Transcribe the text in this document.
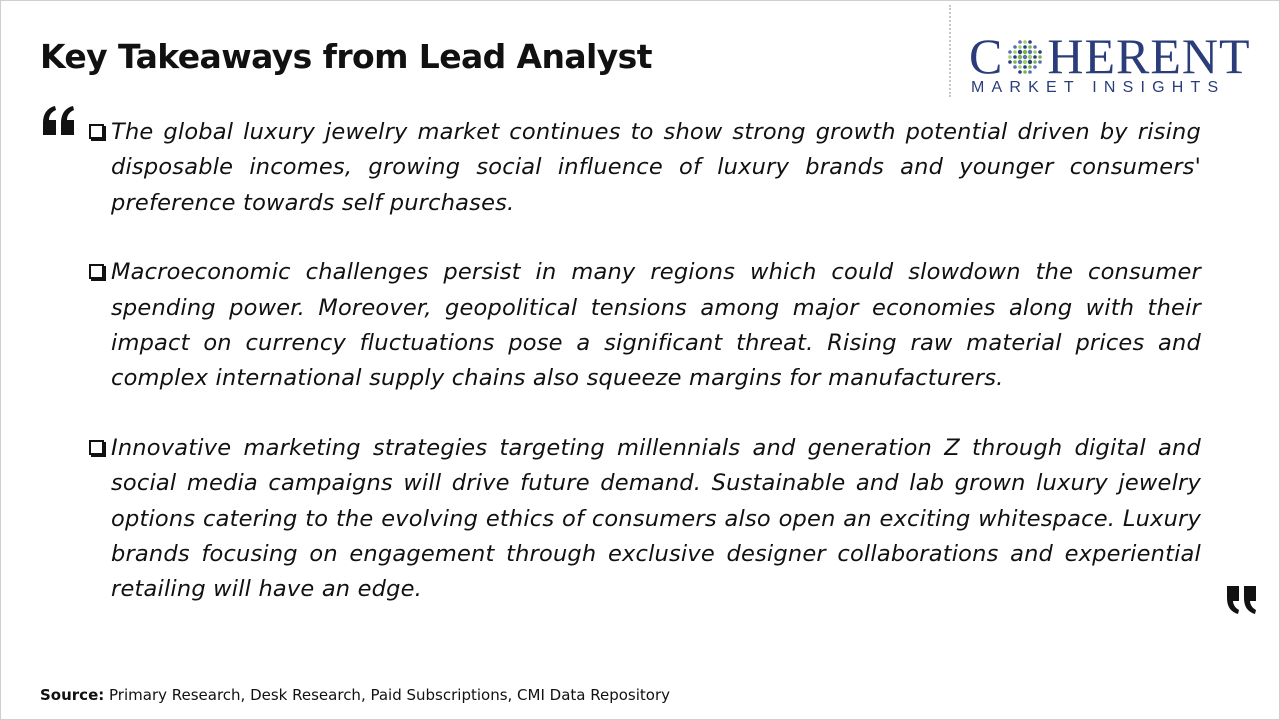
Key Takeaways from Lead Analyst	C HERENT
MARKET INSIGHTS

The global luxury jewelry market continues to show strong growth potential driven by rising disposable incomes, growing social influence of luxury brands and younger consumers' preference towards self purchases.

Macroeconomic challenges persist in many regions which could slowdown the consumer spending power. Moreover, geopolitical tensions among major economies along with their impact on currency fluctuations pose a significant threat. Rising raw material prices and complex international supply chains also squeeze margins for manufacturers.

Innovative marketing strategies targeting millennials and generation Z through digital and social media campaigns will drive future demand. Sustainable and lab grown luxury jewelry options catering to the evolving ethics of consumers also open an exciting whitespace. Luxury brands focusing on engagement through exclusive designer collaborations and experiential retailing will have an edge.

Source: Primary Research, Desk Research, Paid Subscriptions, CMI Data Repository
